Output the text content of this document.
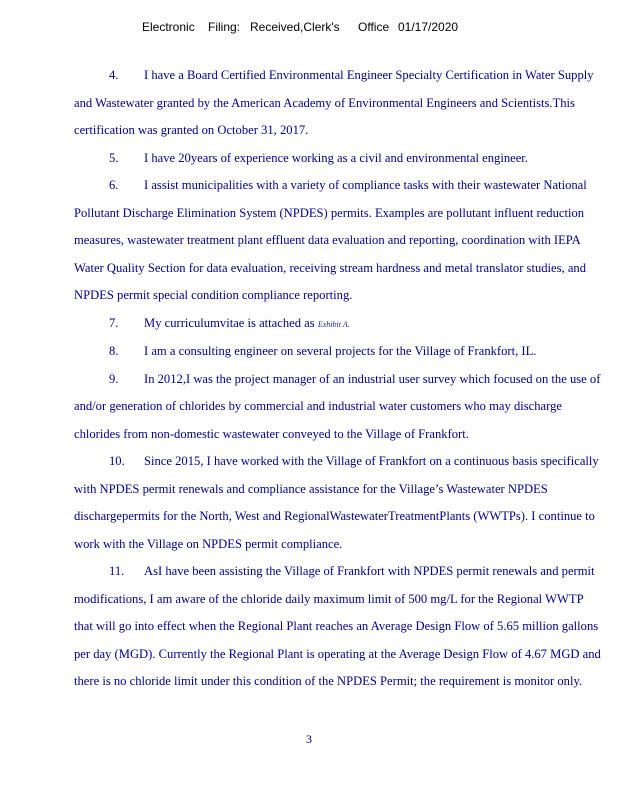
Electronic Filing: Received,Clerk's Office 01/17/2020

4. I have a Board Certified Environmental Engineer Specialty Certification in Water Supply and Wastewater granted by the American Academy of Environmental Engineers and Scientists.This certification was granted on October 31, 2017.

5. I have 20years of experience working as a civil and environmental engineer.

6. I assist municipalities with a variety of compliance tasks with their wastewater National Pollutant Discharge Elimination System (NPDES) permits. Examples are pollutant influent reduction measures, wastewater treatment plant effluent data evaluation and reporting, coordination with IEPA Water Quality Section for data evaluation, receiving stream hardness and metal translator studies, and NPDES permit special condition compliance reporting.

7. My curriculumvitae is attached as Exhibit A.

8. I am a consulting engineer on several projects for the Village of Frankfort, IL.

9. In 2012,I was the project manager of an industrial user survey which focused on the use of and/or generation of chlorides by commercial and industrial water customers who may discharge chlorides from non-domestic wastewater conveyed to the Village of Frankfort.

10. Since 2015, I have worked with the Village of Frankfort on a continuous basis specifically with NPDES permit renewals and compliance assistance for the Village’s Wastewater NPDES dischargepermits for the North, West and RegionalWastewaterTreatmentPlants (WWTPs). I continue to work with the Village on NPDES permit compliance.

11. AsI have been assisting the Village of Frankfort with NPDES permit renewals and permit modifications, I am aware of the chloride daily maximum limit of 500 mg/L for the Regional WWTP that will go into effect when the Regional Plant reaches an Average Design Flow of 5.65 million gallons per day (MGD). Currently the Regional Plant is operating at the Average Design Flow of 4.67 MGD and there is no chloride limit under this condition of the NPDES Permit; the requirement is monitor only.

3
